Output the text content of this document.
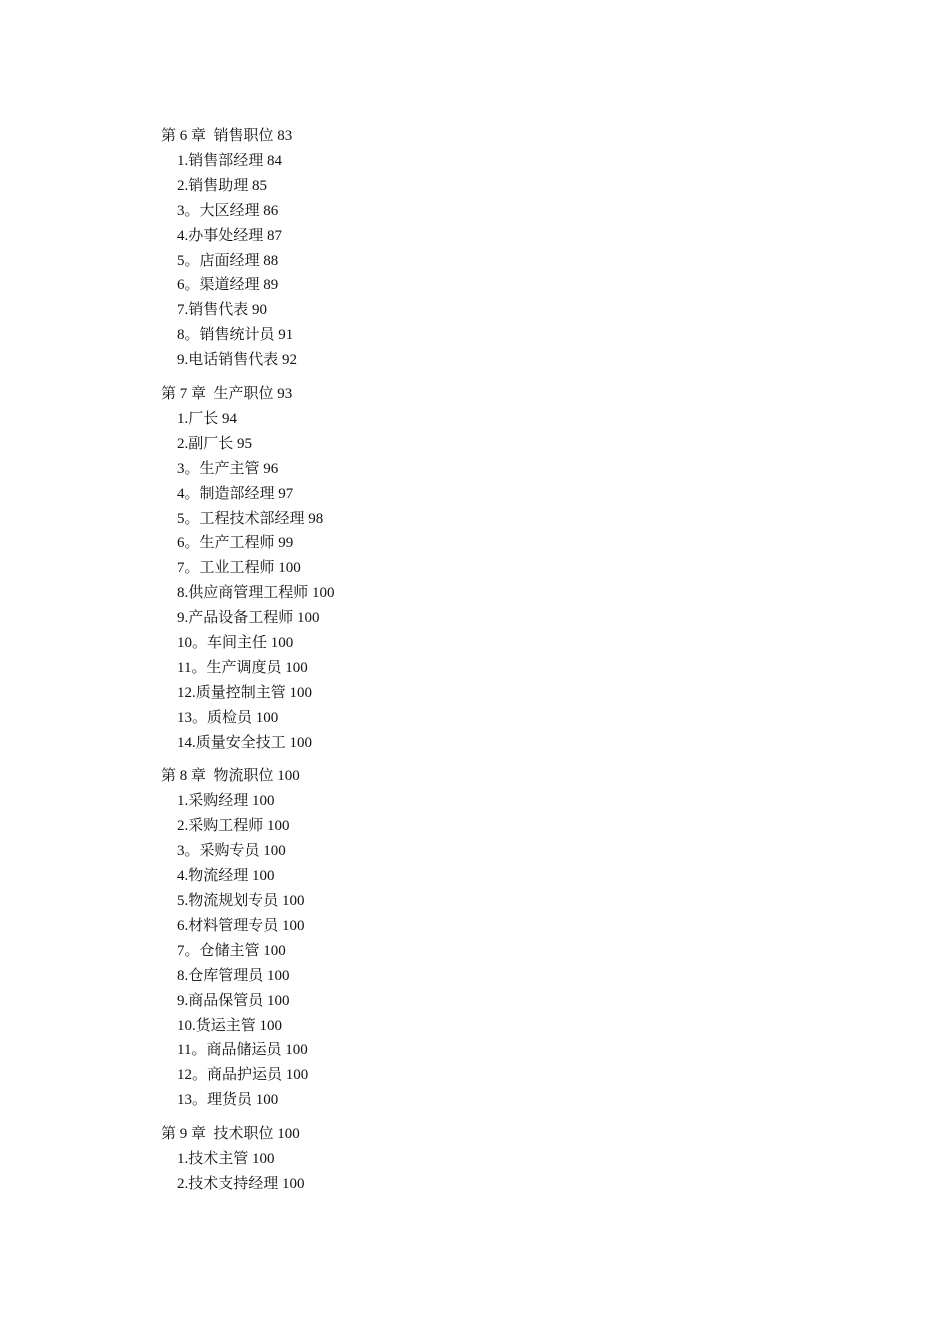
第 6 章  销售职位 83
1.销售部经理 84
2.销售助理 85
3。大区经理 86
4.办事处经理 87
5。店面经理 88
6。渠道经理 89
7.销售代表 90
8。销售统计员 91
9.电话销售代表 92
第 7 章  生产职位 93
1.厂长 94
2.副厂长 95
3。生产主管 96
4。制造部经理 97
5。工程技术部经理 98
6。生产工程师 99
7。工业工程师 100
8.供应商管理工程师 100
9.产品设备工程师 100
10。车间主任 100
11。生产调度员 100
12.质量控制主管 100
13。质检员 100
14.质量安全技工 100
第 8 章  物流职位 100
1.采购经理 100
2.采购工程师 100
3。采购专员 100
4.物流经理 100
5.物流规划专员 100
6.材料管理专员 100
7。仓储主管 100
8.仓库管理员 100
9.商品保管员 100
10.货运主管 100
11。商品储运员 100
12。商品护运员 100
13。理货员 100
第 9 章  技术职位 100
1.技术主管 100
2.技术支持经理 100
